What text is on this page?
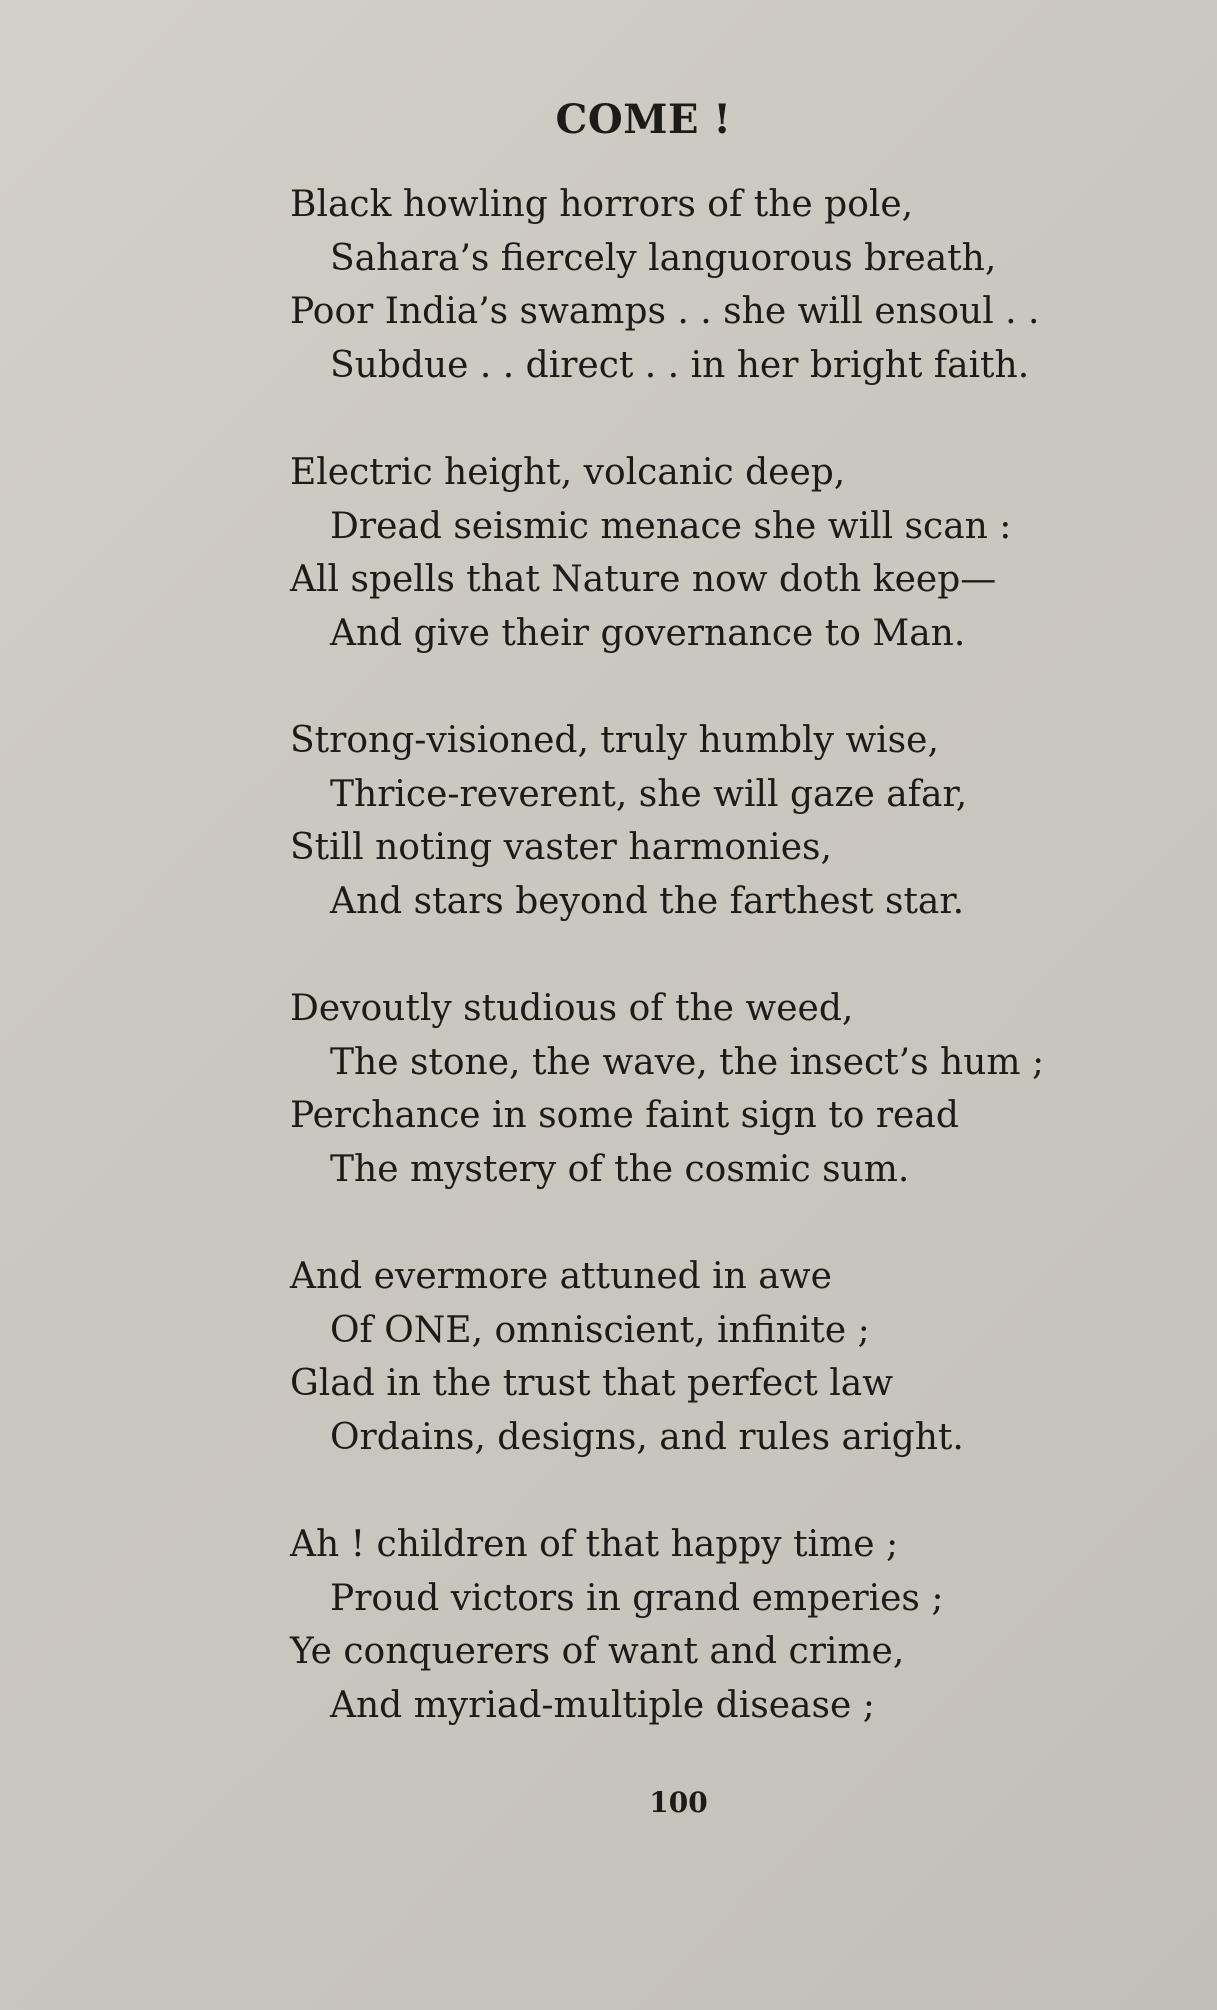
COME !
Black howling horrors of the pole,
Sahara’s fiercely languorous breath,
Poor India’s swamps . . she will ensoul . .
Subdue . . direct . . in her bright faith.
Electric height, volcanic deep,
Dread seismic menace she will scan :
All spells that Nature now doth keep—
And give their governance to Man.
Strong-visioned, truly humbly wise,
Thrice-reverent, she will gaze afar,
Still noting vaster harmonies,
And stars beyond the farthest star.
Devoutly studious of the weed,
The stone, the wave, the insect’s hum ;
Perchance in some faint sign to read
The mystery of the cosmic sum.
And evermore attuned in awe
Of ONE, omniscient, infinite ;
Glad in the trust that perfect law
Ordains, designs, and rules aright.
Ah ! children of that happy time ;
Proud victors in grand emperies ;
Ye conquerers of want and crime,
And myriad-multiple disease ;
100
